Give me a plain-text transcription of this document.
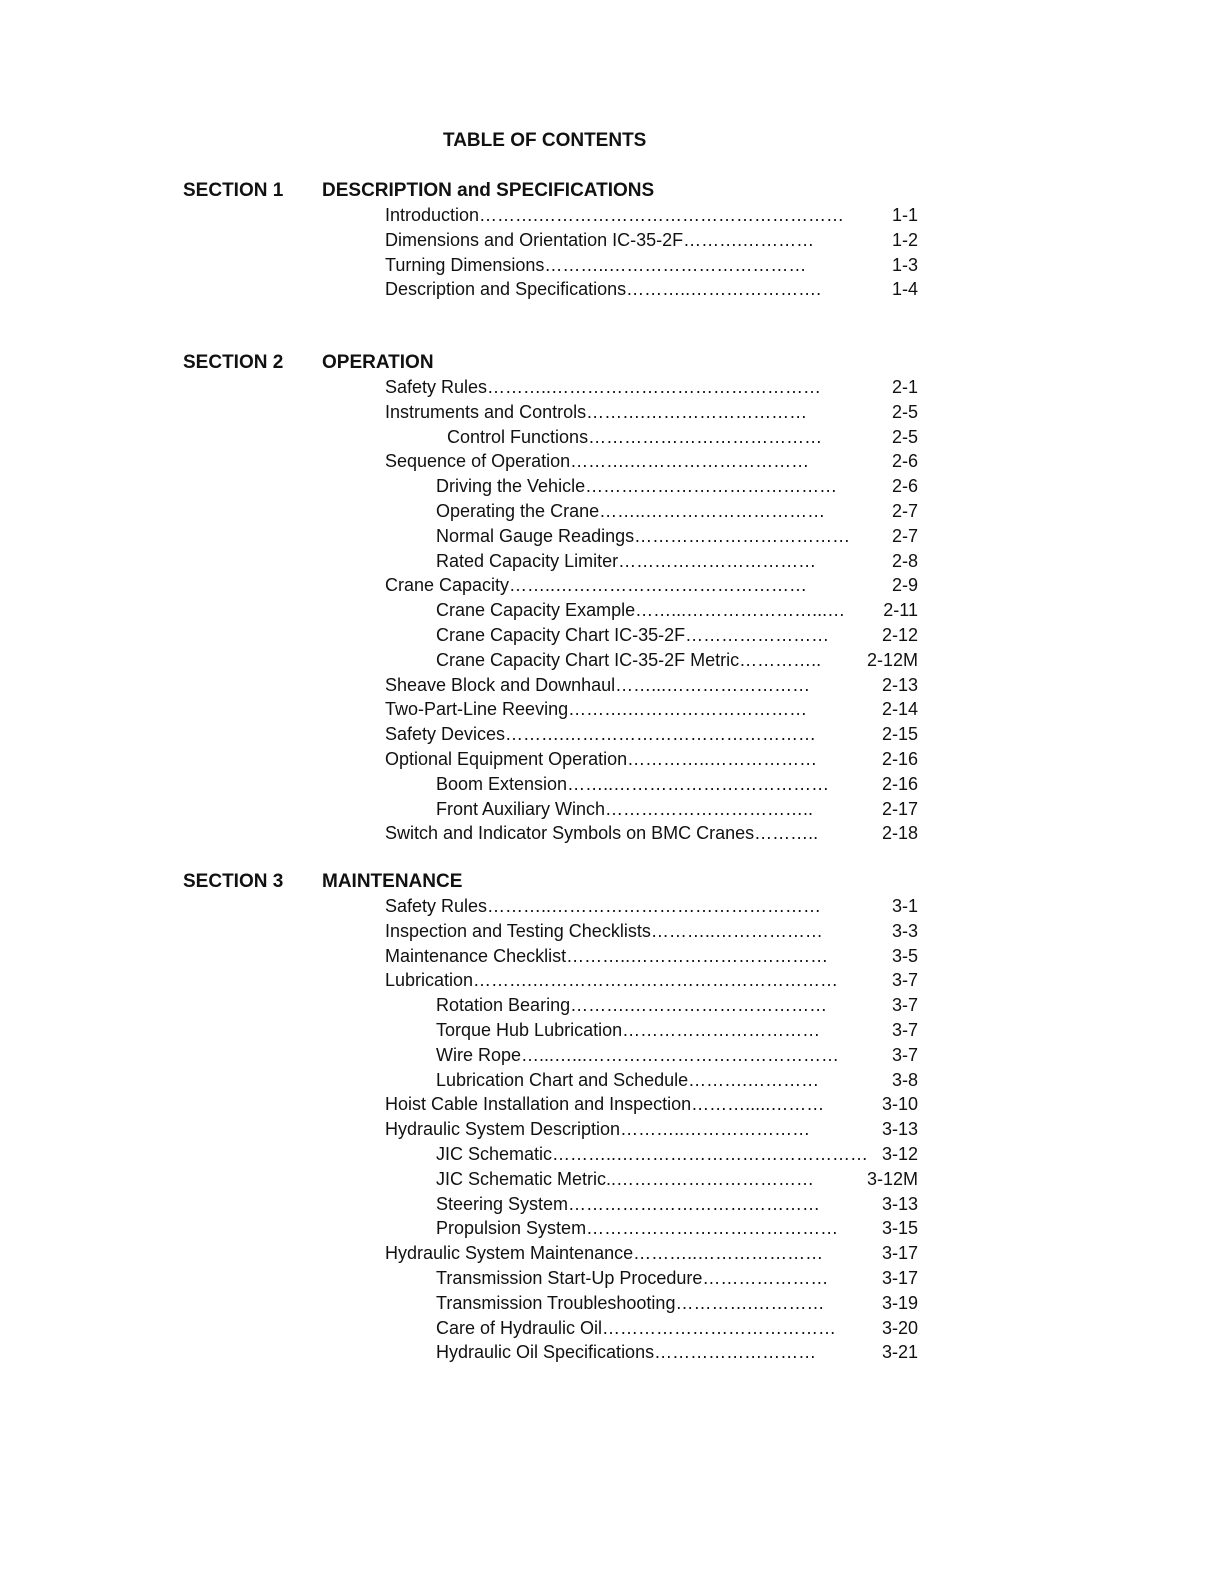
TABLE OF CONTENTS
SECTION 1 DESCRIPTION and SPECIFICATIONS
Introduction……….……………………………………………	1-1
Dimensions and Orientation IC-35-2F……….…………	1-2
Turning Dimensions………..……………………………	1-3
Description and Specifications………..………………….	1-4
SECTION 2 OPERATION
Safety Rules………..………………………………………	2-1
Instruments and Controls……….………………………	2-5
Control Functions…………………………………	2-5
Sequence of Operation……….…………………………	2-6
Driving the Vehicle……………………………………	2-6
Operating the Crane……..…………………………	2-7
Normal Gauge Readings……………………………… 2-7
Rated Capacity Limiter……………………………	2-8
Crane Capacity……..……………………………………	2-9
Crane Capacity Example……...…………………...… 2-11
Crane Capacity Chart IC-35-2F……………………	2-12
Crane Capacity Chart IC-35-2F Metric…………..	2-12M
Sheave Block and Downhaul……...……………………	2-13
Two-Part-Line Reeving……….…………………………	2-14
Safety Devices……….……………………………………	2-15
Optional Equipment Operation…………..………………	2-16
Boom Extension……..………………………………	2-16
Front Auxiliary Winch……………………………..	2-17
Switch and Indicator Symbols on BMC Cranes………..	2-18
SECTION 3 MAINTENANCE
Safety Rules………..………………………………………	3-1
Inspection and Testing Checklists………..………………	3-3
Maintenance Checklist………..……………………………	3-5
Lubrication……….……………………………………………	3-7
Rotation Bearing……….……………………………	3-7
Torque Hub Lubrication……………………………	3-7
Wire Rope…...…...……………………………………	3-7
Lubrication Chart and Schedule……….…………	3-8
Hoist Cable Installation and Inspection……….....………	3-10
Hydraulic System Description………..…………………	3-13
JIC Schematic………..…………………………………… 3-12
JIC Schematic Metric..……………………………	3-12M
Steering System……………………………………	3-13
Propulsion System…………………………………… 3-15
Hydraulic System Maintenance………..…………………	3-17
Transmission Start-Up Procedure…………………	3-17
Transmission Troubleshooting………….…………	3-19
Care of Hydraulic Oil…………………………………	3-20
Hydraulic Oil Specifications………………………	3-21
